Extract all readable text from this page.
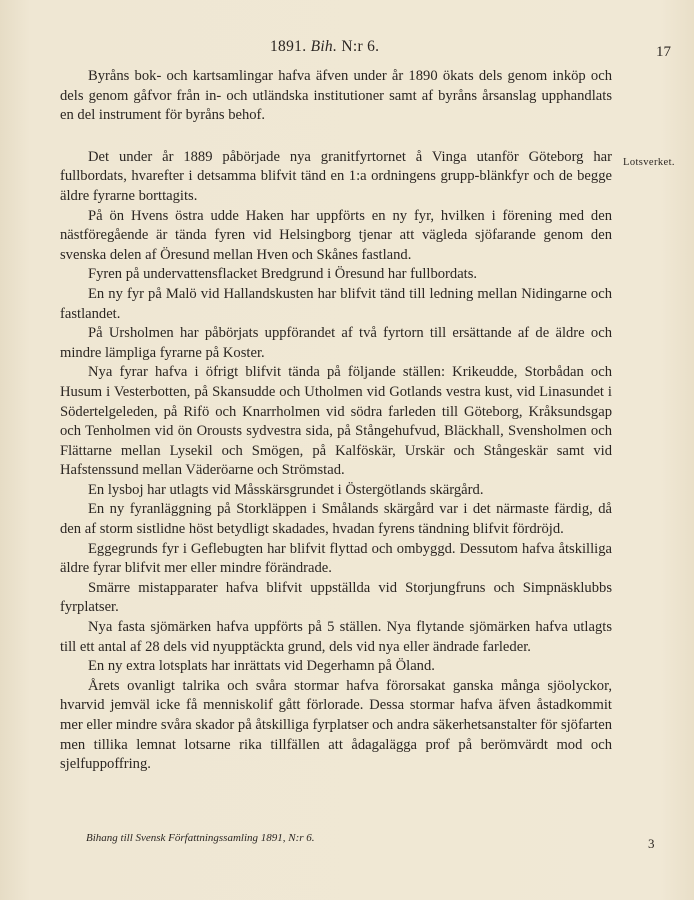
1891. Bih. N:r 6.	17
Lotsverket.

Byråns bok- och kartsamlingar hafva äfven under år 1890 ökats dels genom inköp och dels genom gåfvor från in- och utländska institutioner samt af byråns årsanslag upphandlats en del instrument för byråns behof.

Det under år 1889 påbörjade nya granitfyrtornet å Vinga utanför Göteborg har fullbordats, hvarefter i detsamma blifvit tänd en 1:a ordningens grupp-blänkfyr och de begge äldre fyrarne borttagits.

På ön Hvens östra udde Haken har uppförts en ny fyr, hvilken i förening med den nästföregående är tända fyren vid Helsingborg tjenar att vägleda sjöfarande genom den svenska delen af Öresund mellan Hven och Skånes fastland.

Fyren på undervattensflacket Bredgrund i Öresund har fullbordats.

En ny fyr på Malö vid Hallandskusten har blifvit tänd till ledning mellan Nidingarne och fastlandet.

På Ursholmen har påbörjats uppförandet af två fyrtorn till ersättande af de äldre och mindre lämpliga fyrarne på Koster.

Nya fyrar hafva i öfrigt blifvit tända på följande ställen: Krikeudde, Storbådan och Husum i Vesterbotten, på Skansudde och Utholmen vid Gotlands vestra kust, vid Linasundet i Södertelgeleden, på Rifö och Knarrholmen vid södra farleden till Göteborg, Kråksundsgap och Tenholmen vid ön Orousts sydvestra sida, på Stångehufvud, Bläckhall, Svensholmen och Flättarne mellan Lysekil och Smögen, på Kalföskär, Urskär och Stångeskär samt vid Hafstenssund mellan Väderöarne och Strömstad.

En lysboj har utlagts vid Måsskärsgrundet i Östergötlands skärgård.

En ny fyranläggning på Storkläppen i Smålands skärgård var i det närmaste färdig, då den af storm sistlidne höst betydligt skadades, hvadan fyrens tändning blifvit fördröjd.

Eggegrunds fyr i Geflebugten har blifvit flyttad och ombyggd. Dessutom hafva åtskilliga äldre fyrar blifvit mer eller mindre förändrade.

Smärre mistapparater hafva blifvit uppställda vid Storjungfruns och Simpnäsklubbs fyrplatser.

Nya fasta sjömärken hafva uppförts på 5 ställen. Nya flytande sjömärken hafva utlagts till ett antal af 28 dels vid nyupptäckta grund, dels vid nya eller ändrade farleder.

En ny extra lotsplats har inrättats vid Degerhamn på Öland.

Årets ovanligt talrika och svåra stormar hafva förorsakat ganska många sjöolyckor, hvarvid jemväl icke få menniskolif gått förlorade. Dessa stormar hafva äfven åstadkommit mer eller mindre svåra skador på åtskilliga fyrplatser och andra säkerhetsanstalter för sjöfarten men tillika lemnat lotsarne rika tillfällen att ådagalägga prof på berömvärdt mod och sjelfuppoffring.

Bihang till Svensk Författningssamling 1891, N:r 6.	3
